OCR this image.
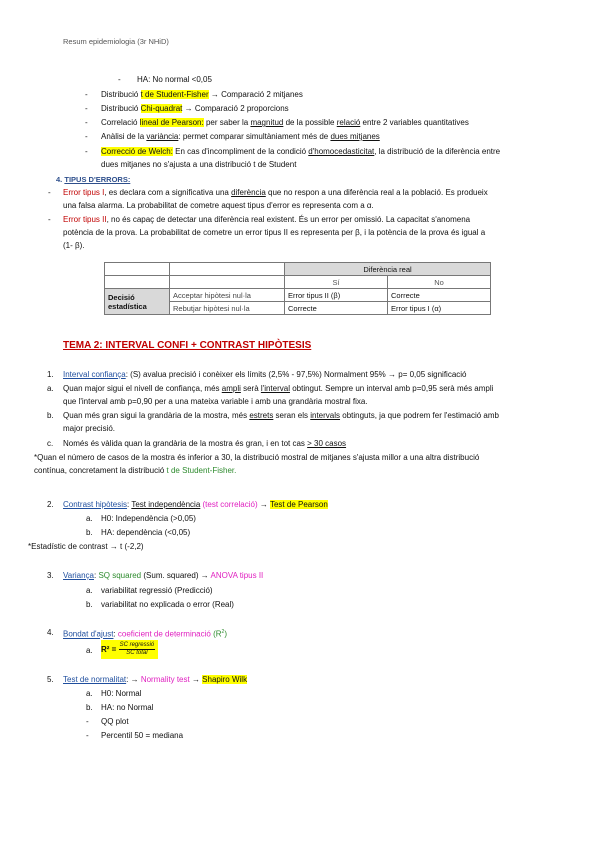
Resum epidemiologia (3r NHiD)
- HA: No normal <0,05
- Distribució t de Student-Fisher → Comparació 2 mitjanes
- Distribució Chi-quadrat → Comparació 2 proporcions
- Correlació lineal de Pearson: per saber la magnitud de la possible relació entre 2 variables quantitatives
- Anàlisi de la variància: permet comparar simultàniament més de dues mitjanes
- Correcció de Welch: En cas d'incompliment de la condició d'homocedasticitat, la distribució de la diferència entre
dues mitjanes no s'ajusta a una distribució t de Student
4. TIPUS D'ERRORS:
- Error tipus I, es declara com a significativa una diferència que no respon a una diferència real a la població. Es produeix
una falsa alarma. La probabilitat de cometre aquest tipus d'error es representa com a α.
- Error tipus II, no és capaç de detectar una diferència real existent. És un error per omissió. La capacitat s'anomena
potència de la prova. La probabilitat de cometre un error tipus II es representa per β, i la potència de la prova és igual a
(1- β).
		Diferència real	
		Sí	No
Decisió
estadística	Acceptar hipòtesi nul·la	Error tipus II (β)	Correcte
	Rebutjar hipòtesi nul·la	Correcte	Error tipus I (α)
TEMA 2: INTERVAL CONFI + CONTRAST HIPÒTESIS
1. Interval confiança: (S) avalua precisió i conèixer els límits (2,5% - 97,5%) Normalment 95% → p= 0,05 significació
a. Quan major sigui el nivell de confiança, més ampli serà l'interval obtingut. Sempre un interval amb p=0,95 serà més ampli
que l'interval amb p=0,90 per a una mateixa variable i amb una grandària mostral fixa.
b. Quan més gran sigui la grandària de la mostra, més estrets seran els intervals obtinguts, ja que podrem fer l'estimació amb
major precisió.
c. Només és vàlida quan la grandària de la mostra és gran, i en tot cas > 30 casos
*Quan el número de casos de la mostra és inferior a 30, la distribució mostral de mitjanes s'ajusta millor a una altra distribució
contínua, concretament la distribució t de Student-Fisher.
2. Contrast hipòtesis: Test independència (test correlació) → Test de Pearson
a. H0: Independència (>0,05)
b. HA: dependència (<0,05)
*Estadístic de contrast → t (-2,2)
3. Variança: SQ squared (Sum. squared) → ANOVA tipus II
a. variabilitat regressió (Predicció)
b. variabilitat no explicada o error (Real)
4. Bondat d'ajust: coeficient de determinació $(R^2)$
a. $R^2 = \frac{\text{SC regressió}}{\text{SC total}}$
5. Test de normalitat: → Normality test → Shapiro Wilk
a. H0: Normal
b. HA: no Normal
- QQ plot
- Percentil 50 = mediana
